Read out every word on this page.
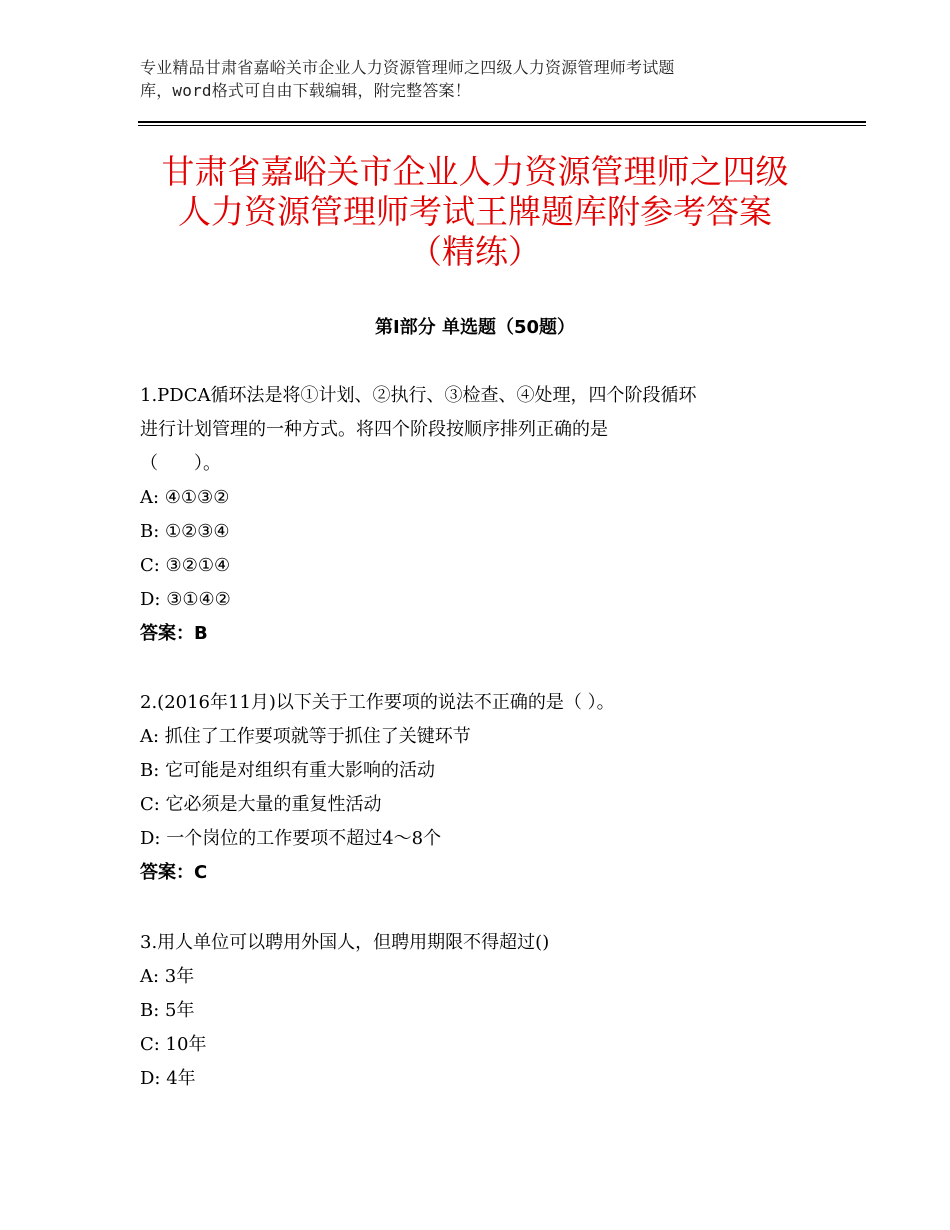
专业精品甘肃省嘉峪关市企业人力资源管理师之四级人力资源管理师考试题
库，word格式可自由下载编辑，附完整答案！
甘肃省嘉峪关市企业人力资源管理师之四级
人力资源管理师考试王牌题库附参考答案
（精练）
第Ⅰ部分 单选题（50题）
1.PDCA循环法是将①计划、②执行、③检查、④处理，四个阶段循环
进行计划管理的一种方式。将四个阶段按顺序排列正确的是
（　　）。
A: ④①③②
B: ①②③④
C: ③②①④
D: ③①④②
答案：B
2.(2016年11月)以下关于工作要项的说法不正确的是（ ）。
A: 抓住了工作要项就等于抓住了关键环节
B: 它可能是对组织有重大影响的活动
C: 它必须是大量的重复性活动
D: 一个岗位的工作要项不超过4～8个
答案：C
3.用人单位可以聘用外国人，但聘用期限不得超过()
A: 3年
B: 5年
C: 10年
D: 4年
